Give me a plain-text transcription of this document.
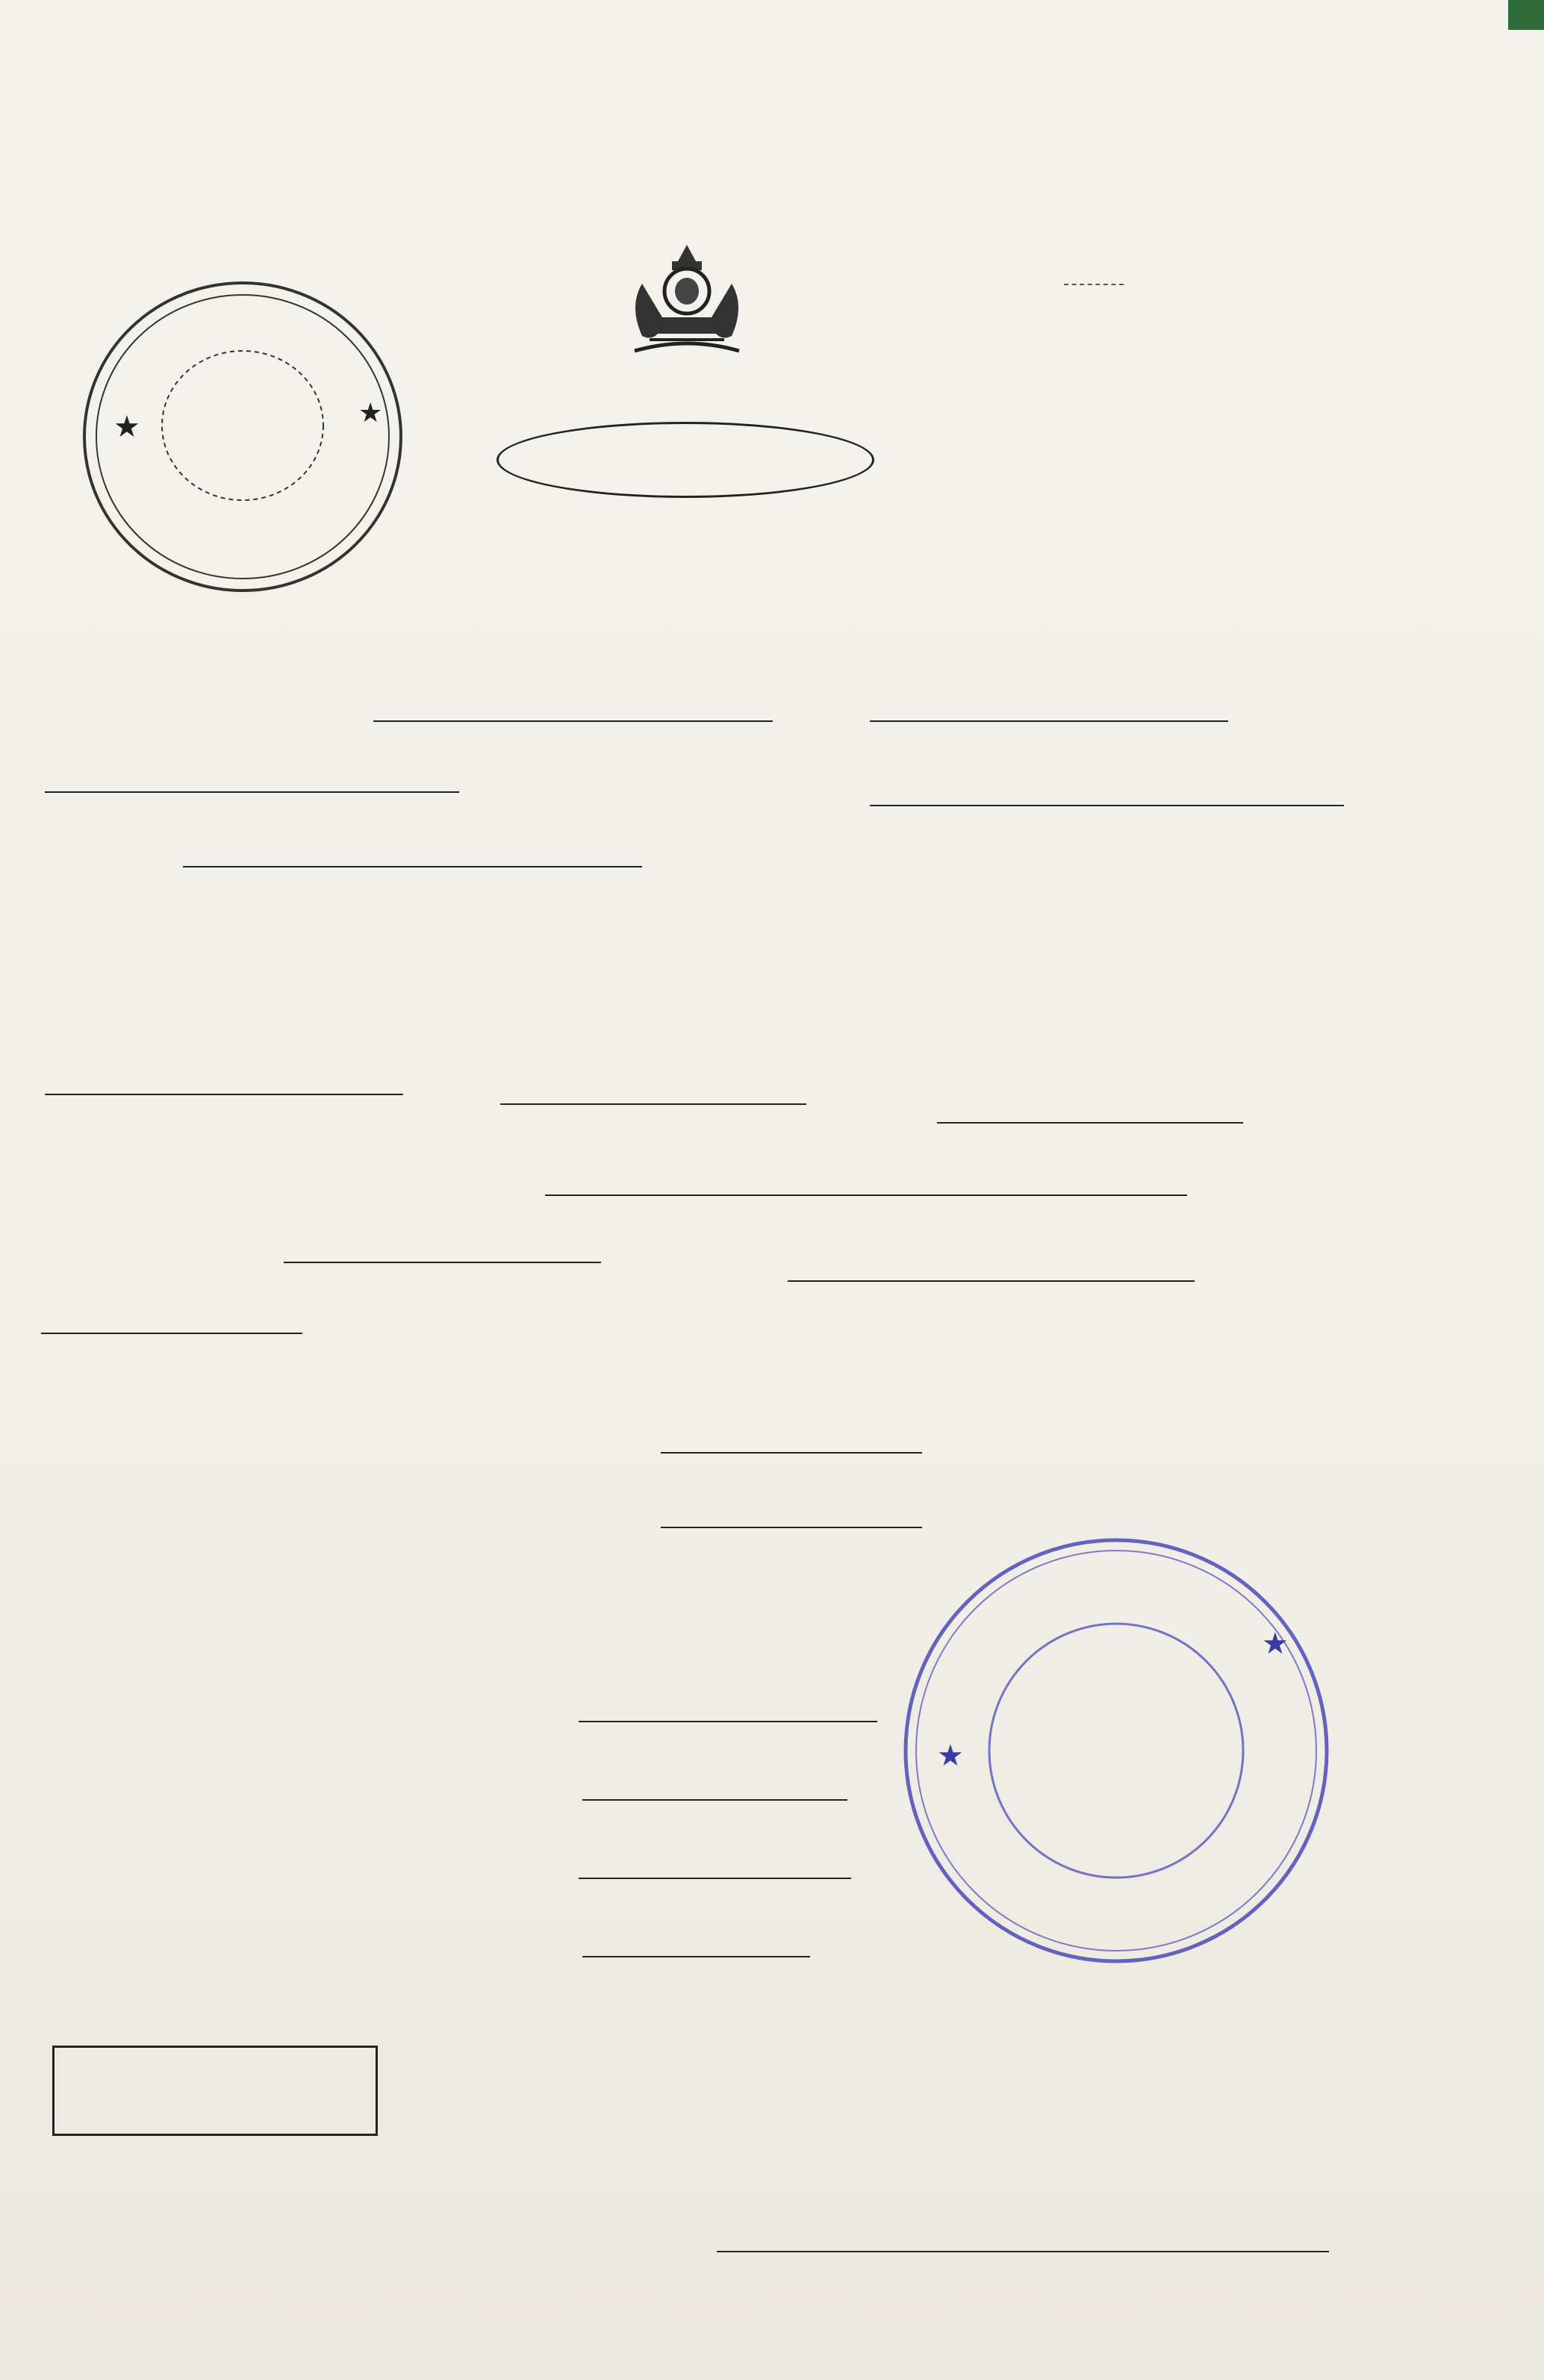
★	★
★
★
